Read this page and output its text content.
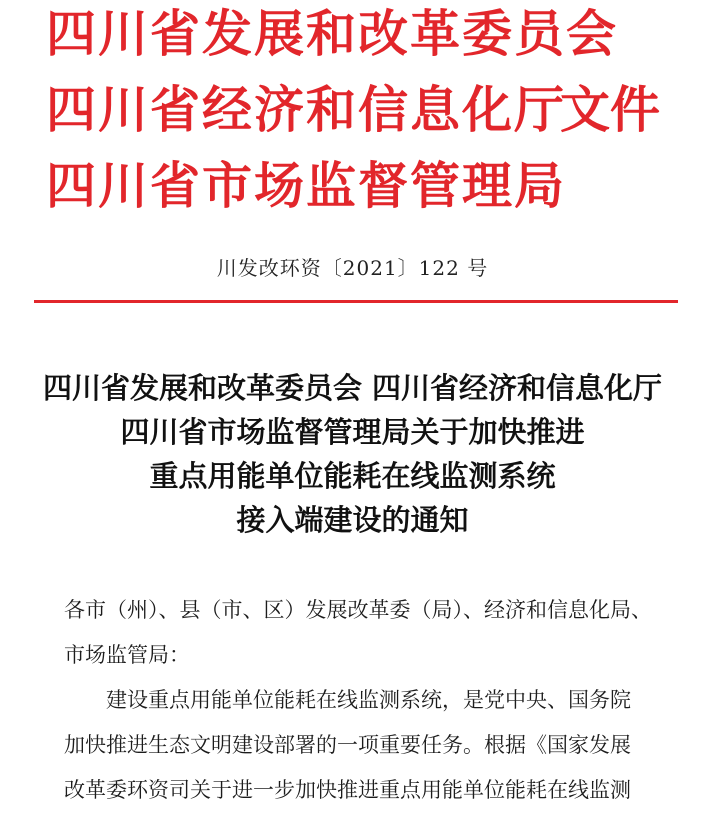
四川省发展和改革委员会
四川省经济和信息化厅
文件
四川省市场监督管理局
川发改环资〔2021〕122 号
四川省发展和改革委员会 四川省经济和信息化厅
四川省市场监督管理局关于加快推进
重点用能单位能耗在线监测系统
接入端建设的通知

各市（州）、县（市、区）发展改革委（局）、经济和信息化局、

市场监管局：

建设重点用能单位能耗在线监测系统，是党中央、国务院

加快推进生态文明建设部署的一项重要任务。根据《国家发展

改革委环资司关于进一步加快推进重点用能单位能耗在线监测
